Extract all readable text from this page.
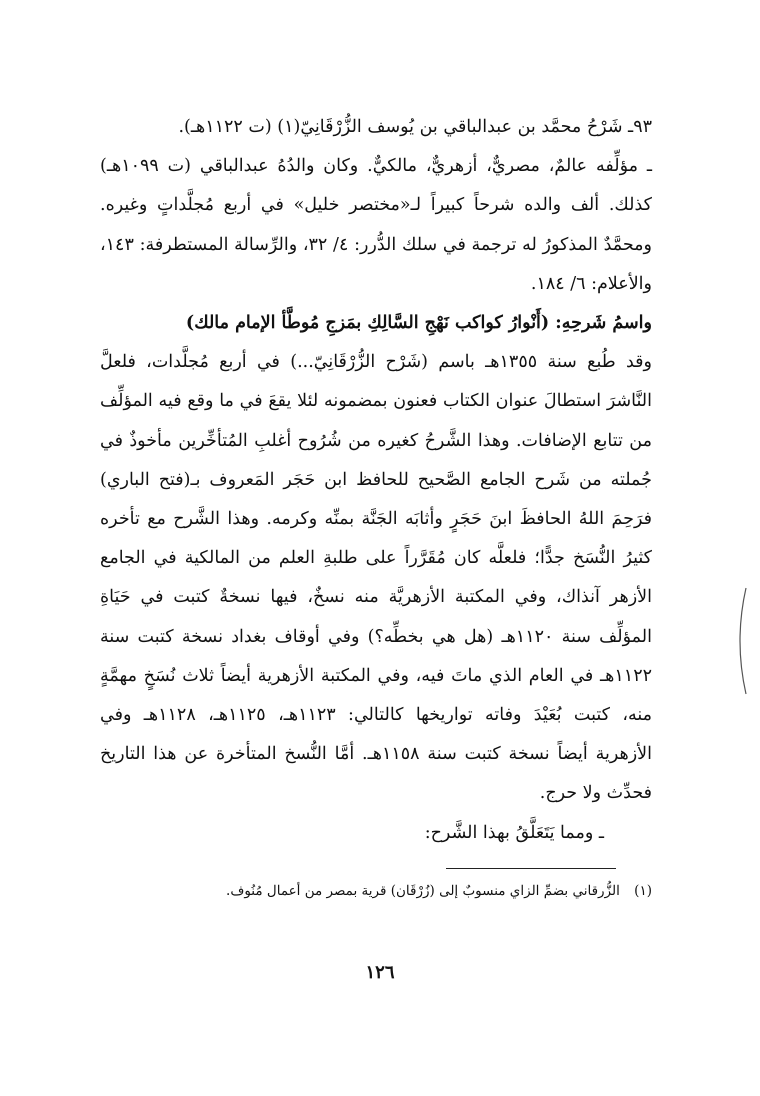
٩٣ـ شَرْحُ محمَّد بن عبدالباقي بن يُوسف الزُّرْقَانِيّ(١) (ت ١١٢٢هـ).

ـ مؤلِّفه عالمٌ، مصريٌّ، أزهريٌّ، مالكيٌّ. وكان والدُهُ عبدالباقي (ت ١٠٩٩هـ) كذلك. ألف والده شرحاً كبيراً لـ«مختصر خليل» في أربع مُجلَّداتٍ وغيره. ومحمَّدٌ المذكورُ له ترجمة في سلك الدُّرر: ٤/ ٣٢، والرِّسالة المستطرفة: ١٤٣، والأعلام: ٦/ ١٨٤.

واسمُ شَرحِهِ: (أَنْوارُ كواكب نَهْجِ السَّالِكِ بمَزجِ مُوطَّأ الإمام مالك)

وقد طُبع سنة ١٣٥٥هـ باسم (شَرْح الزُّرْقَانِيّ...) في أربع مُجلَّدات، فلعلَّ النَّاشرَ استطالَ عنوان الكتاب فعنون بمضمونه لئلا يقعَ في ما وقع فيه المؤلِّف من تتابع الإضافات. وهذا الشَّرحُ كغيره من شُرُوح أغلبِ المُتأخِّرين مأخوذٌ في جُملته من شَرح الجامع الصَّحيح للحافظ ابن حَجَر المَعروف بـ(فتح الباري) فرَحِمَ اللهُ الحافظَ ابنَ حَجَرٍ وأثابَه الجَنَّة بمنِّه وكرمه. وهذا الشَّرح مع تأخره كثيرُ النُّسَخ جدًّا؛ فلعلَّه كان مُقَرَّراً على طلبةِ العلم من المالكية في الجامع الأزهر آنذاك، وفي المكتبة الأزهريَّة منه نسخٌ، فيها نسخةٌ كتبت في حَيَاةِ المؤلِّف سنة ١١٢٠هـ (هل هي بخطِّه؟) وفي أوقاف بغداد نسخة كتبت سنة ١١٢٢هـ في العام الذي ماتَ فيه، وفي المكتبة الأزهرية أيضاً ثلاث نُسَخٍ مهمَّةٍ منه، كتبت بُعَيْدَ وفاته تواريخها كالتالي: ١١٢٣هـ، ١١٢٥هـ، ١١٢٨هـ وفي الأزهرية أيضاً نسخة كتبت سنة ١١٥٨هـ. أمَّا النُّسخ المتأخرة عن هذا التاريخ فحدِّث ولا حرج.

ـ ومما يَتَعَلَّقُ بهذا الشَّرح:

(١) الزُّرقاني بضمِّ الزاي منسوبٌ إلى (زُرْقَان) قرية بمصر من أعمال مُنُوف.
١٢٦
